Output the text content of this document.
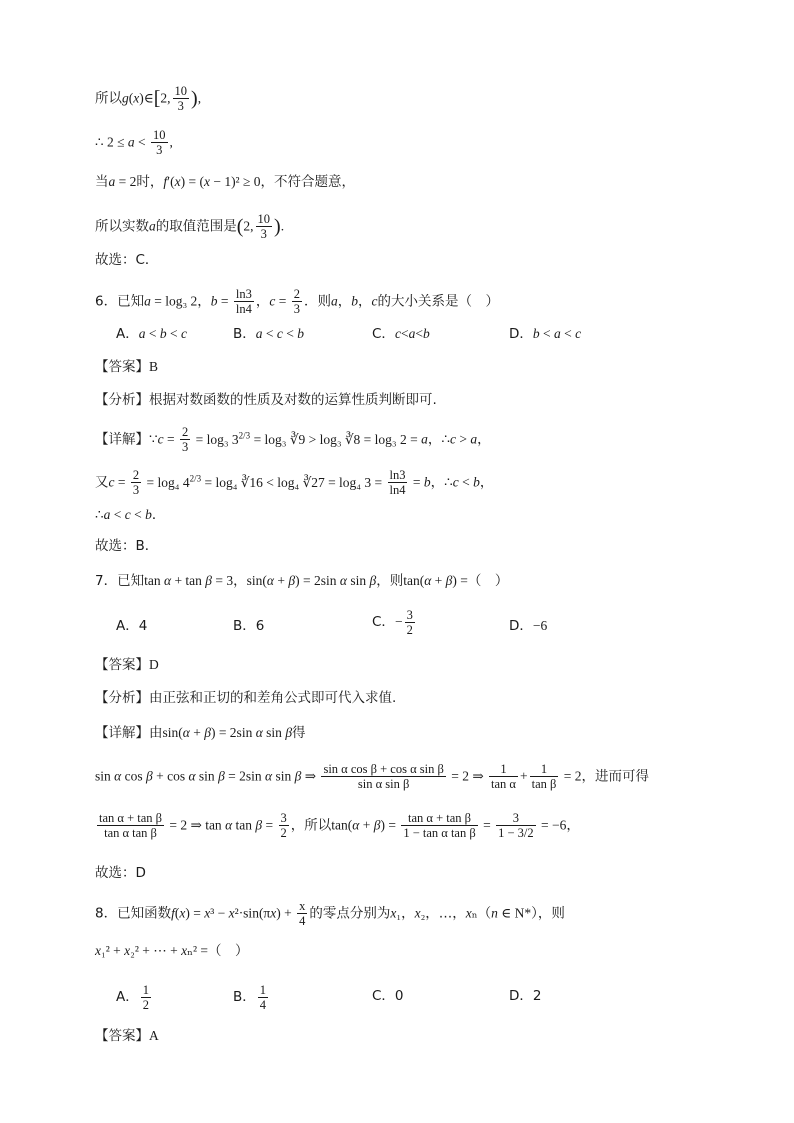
所以g(x)∈[2, $\frac{10}{3}$ ),
∴ $2 \le a < \frac{10}{3}$ ,
当a = 2时，f′(x) = (x − 1)² ≥ 0，不符合题意，
所以实数a的取值范围是(2, $\frac{10}{3}$ ).
故选：C．
6．已知a = log₃ 2，$b = \frac{\ln 3}{\ln 4}$ ，$c = \frac{2}{3}$ ．则a，b，c的大小关系是（　）
A．a < b < c	B．a < c < b	C．c<a<b	D．b < a < c
【答案】B
【分析】根据对数函数的性质及对数的运算性质判断即可.
【详解】∵c = $\frac{2}{3} = \log_3$ $3^{2/3} = \log_3$ ∛9 > log₃ ∛8 = log₃ 2 = a，∴c > a，
又$c = \frac{2}{3} = \log_4$ $4^{2/3} = \log_4$ ∛16 < log₄ ∛27 = log₄ $3 = \frac{\ln 3}{\ln 4} = b$，∴c < b，
∴a < c < b．
故选：B．
7．已知tan α + tan β = 3，sin(α + β) = 2sin α sin β，则tan(α + β) =（　）
A．4	B．6	C．− $\frac{3}{2}$	D．−6
【答案】D
【分析】由正弦和正切的和差角公式即可代入求值.
【详解】由sin(α + β) = 2sin α sin β得
sin α cos β + cos α sin β = 2sin α sin β ⇒ $\frac{\text{sin α cos β + cos α sin β}}{\text{sin α sin β}} = 2$ ⇒ $\frac{1}{\text{tan α}} + \frac{1}{\text{tan β}} = 2$，进而可得
$\frac{\text{tan α + tan β}}{\text{tan α tan β}} = 2$ ⇒ tan α $\tan \beta = \frac{3}{2}$ ，所以$\tan(\alpha + \beta) = \frac{\text{tan α + tan β}}{\text{1 − tan α tan β}} = \frac{3}{1 - 3/2} = -6$，
故选：D
8．已知函数$f(x) = x^3 - x^2\cdot\sin(\pi x) + \frac{x}{4}$ 的零点分别为x₁，x₂，…，xₙ（n ∈ N*），则
x₁² + x₂² + ⋯ + xₙ² =（　）
A． $\frac{1}{2}$	B． $\frac{1}{4}$	C．0	D．2
【答案】A
